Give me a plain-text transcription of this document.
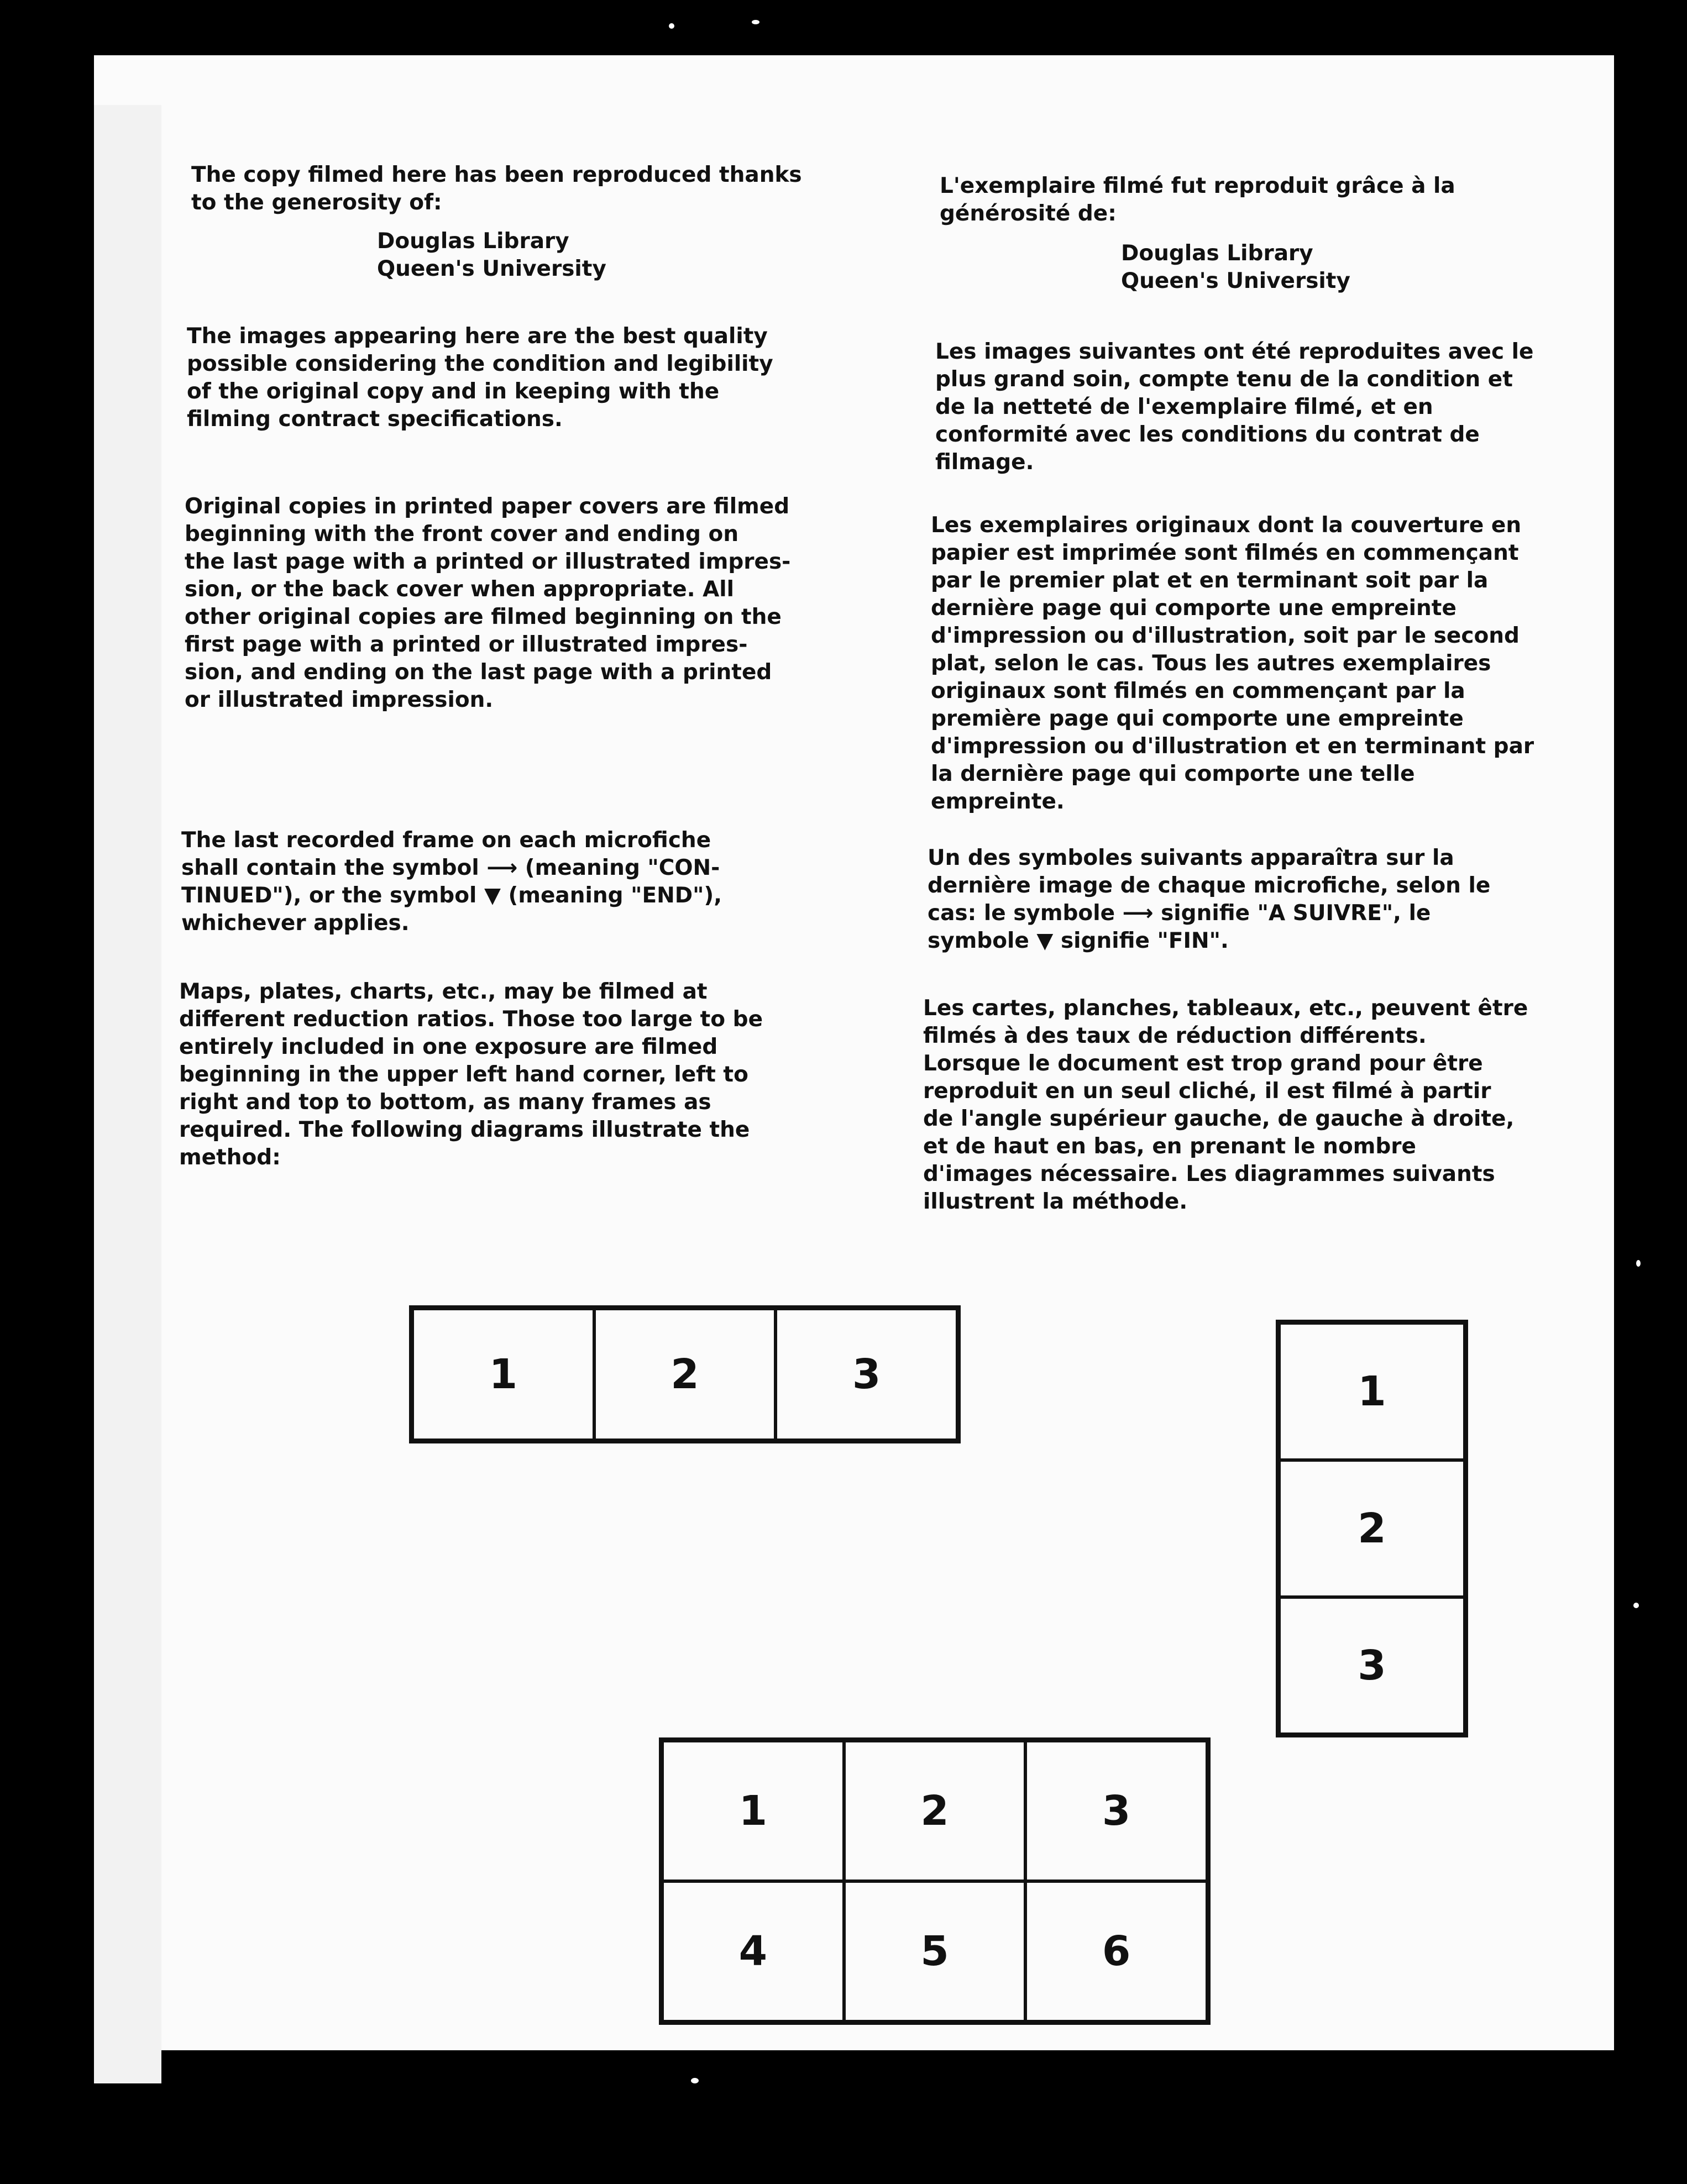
The copy filmed here has been reproduced thanks
to the generosity of:

Douglas Library
Queen's University

The images appearing here are the best quality
possible considering the condition and legibility
of the original copy and in keeping with the
filming contract specifications.

Original copies in printed paper covers are filmed
beginning with the front cover and ending on
the last page with a printed or illustrated impres-
sion, or the back cover when appropriate. All
other original copies are filmed beginning on the
first page with a printed or illustrated impres-
sion, and ending on the last page with a printed
or illustrated impression.

The last recorded frame on each microfiche
shall contain the symbol ⟶ (meaning "CON-
TINUED"), or the symbol ▼ (meaning "END"),
whichever applies.

Maps, plates, charts, etc., may be filmed at
different reduction ratios. Those too large to be
entirely included in one exposure are filmed
beginning in the upper left hand corner, left to
right and top to bottom, as many frames as
required. The following diagrams illustrate the
method:

L'exemplaire filmé fut reproduit grâce à la
générosité de:

Douglas Library
Queen's University

Les images suivantes ont été reproduites avec le
plus grand soin, compte tenu de la condition et
de la netteté de l'exemplaire filmé, et en
conformité avec les conditions du contrat de
filmage.

Les exemplaires originaux dont la couverture en
papier est imprimée sont filmés en commençant
par le premier plat et en terminant soit par la
dernière page qui comporte une empreinte
d'impression ou d'illustration, soit par le second
plat, selon le cas. Tous les autres exemplaires
originaux sont filmés en commençant par la
première page qui comporte une empreinte
d'impression ou d'illustration et en terminant par
la dernière page qui comporte une telle
empreinte.

Un des symboles suivants apparaîtra sur la
dernière image de chaque microfiche, selon le
cas: le symbole ⟶ signifie "A SUIVRE", le
symbole ▼ signifie "FIN".

Les cartes, planches, tableaux, etc., peuvent être
filmés à des taux de réduction différents.
Lorsque le document est trop grand pour être
reproduit en un seul cliché, il est filmé à partir
de l'angle supérieur gauche, de gauche à droite,
et de haut en bas, en prenant le nombre
d'images nécessaire. Les diagrammes suivants
illustrent la méthode.

1	2	3	1
2
3
1	2	3
4	5	6
